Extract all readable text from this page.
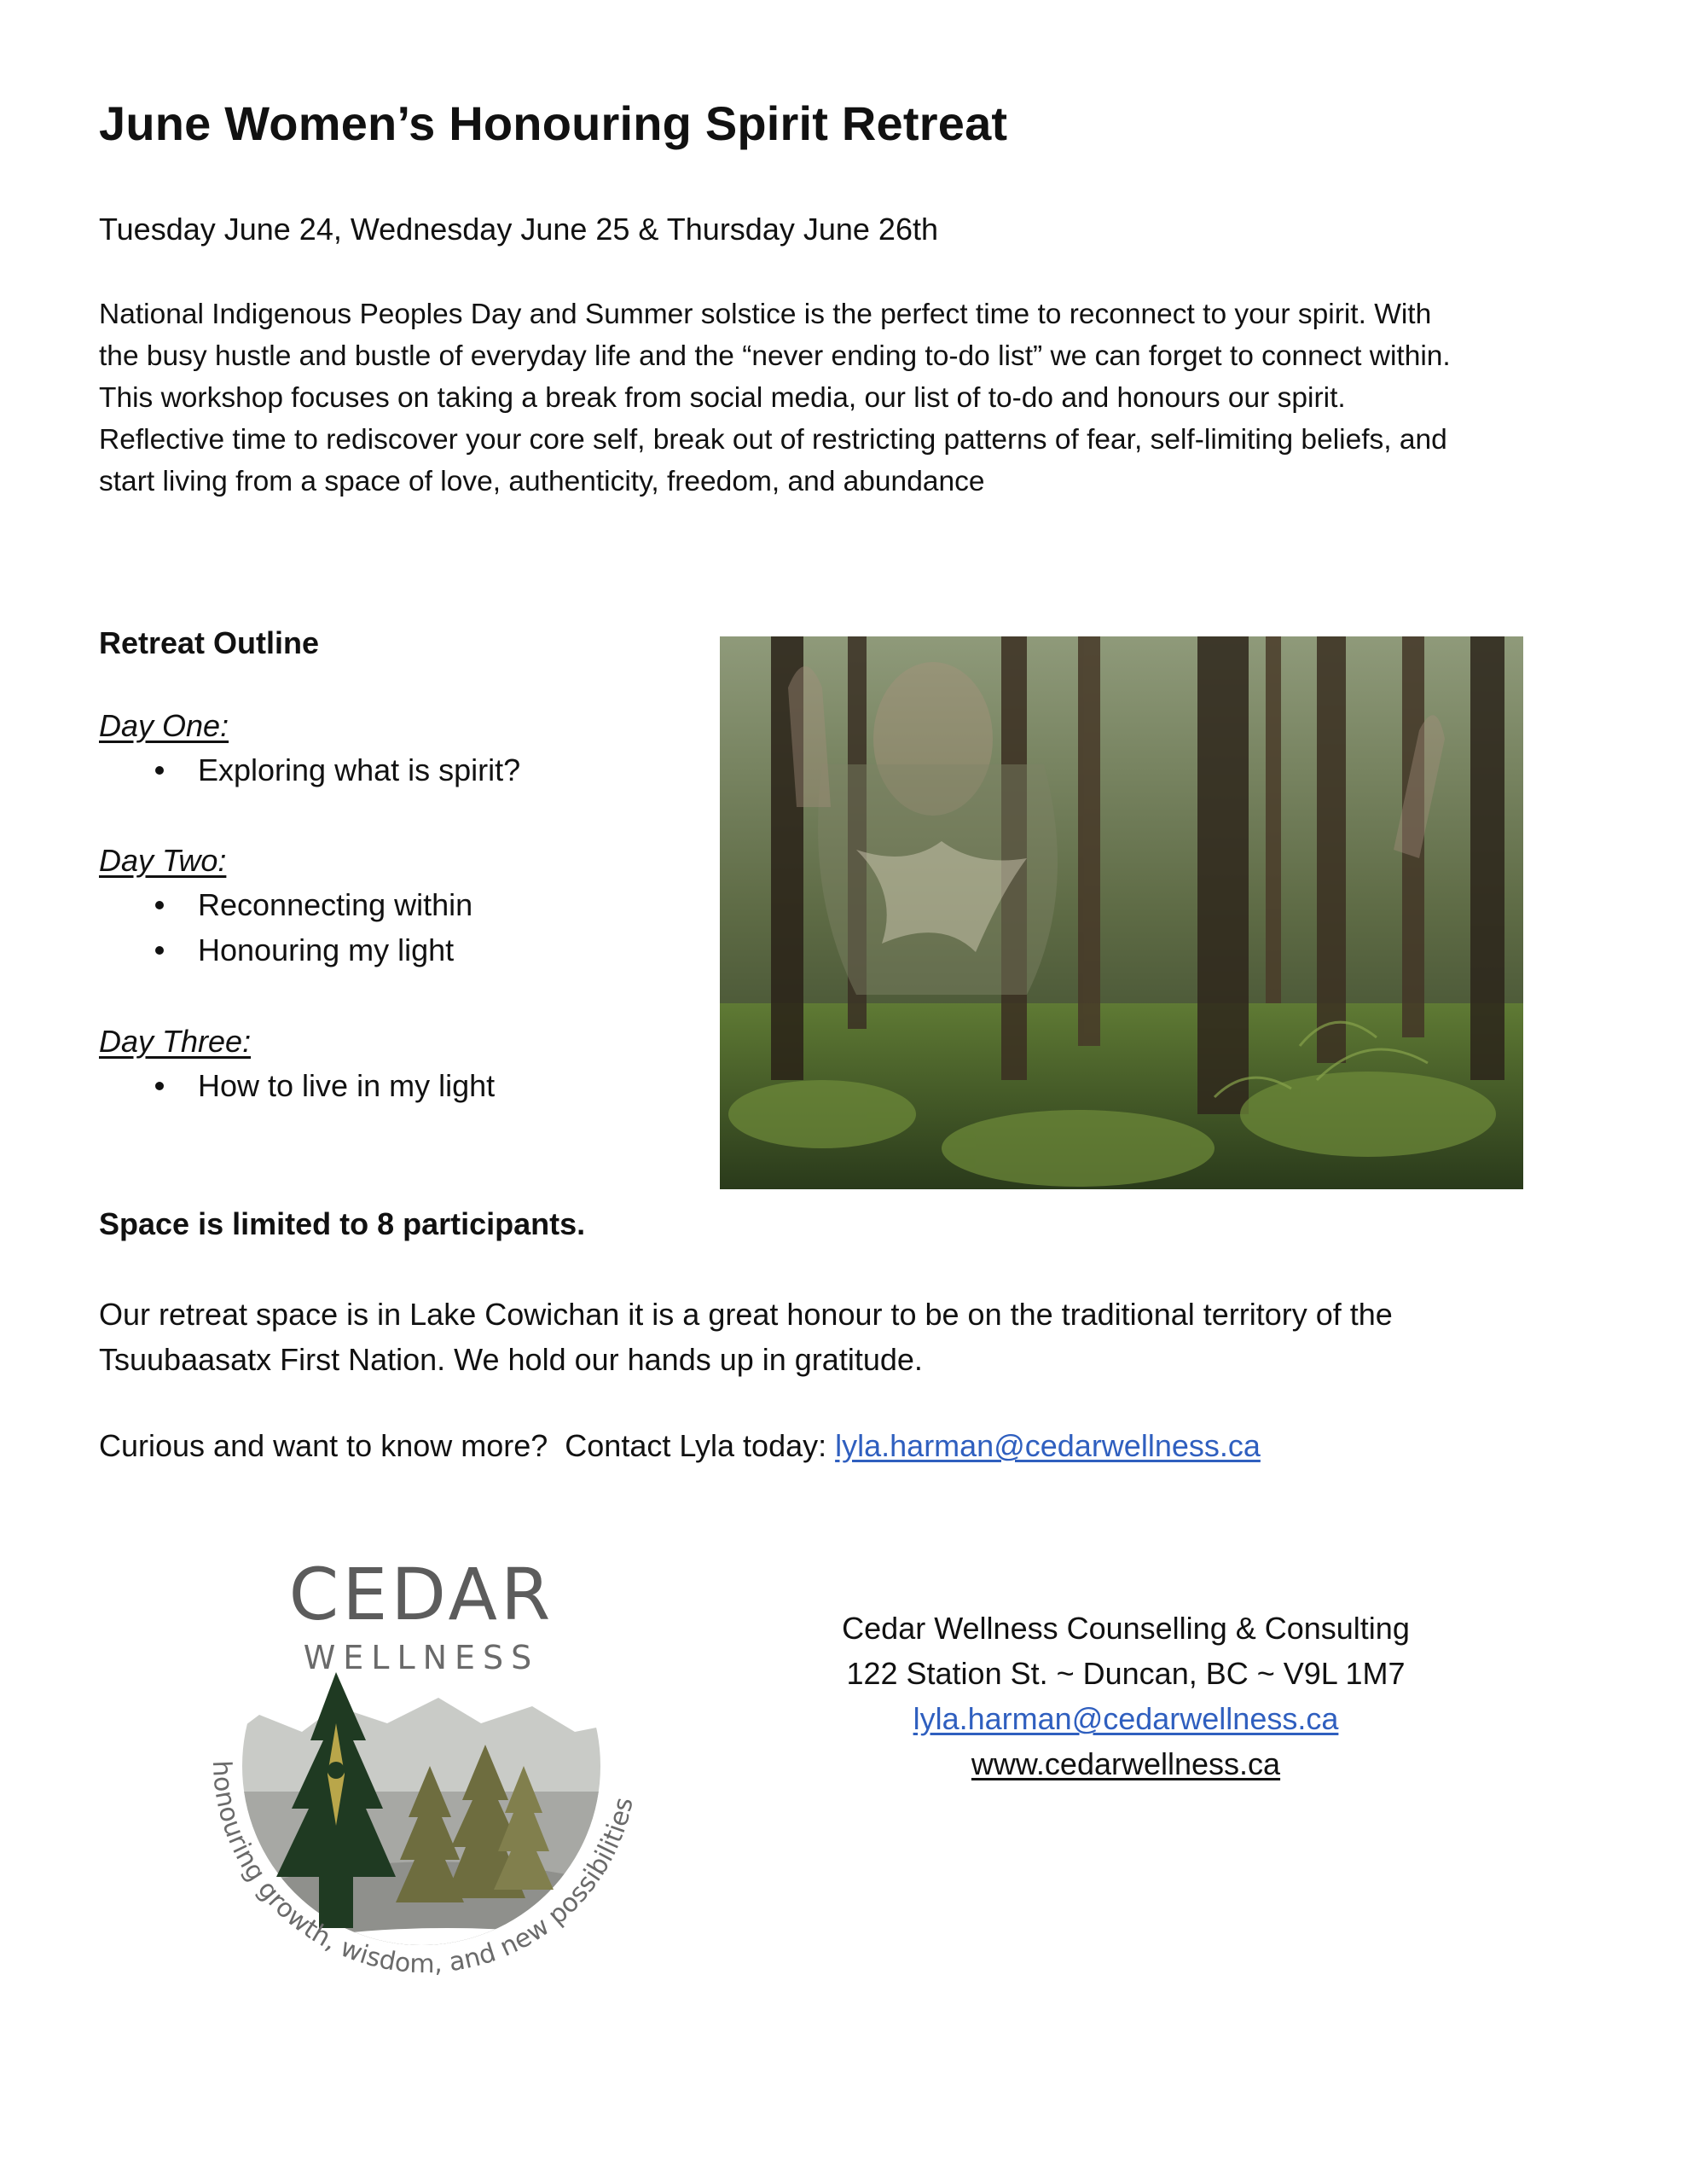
June Women’s Honouring Spirit Retreat
Tuesday June 24, Wednesday June 25 & Thursday June 26th
National Indigenous Peoples Day and Summer solstice is the perfect time to reconnect to your spirit. With
the busy hustle and bustle of everyday life and the “never ending to-do list” we can forget to connect within.
This workshop focuses on taking a break from social media, our list of to-do and honours our spirit.
Reflective time to rediscover your core self, break out of restricting patterns of fear, self-limiting beliefs, and
start living from a space of love, authenticity, freedom, and abundance
Retreat Outline
Day One:
Exploring what is spirit?
Day Two:
Reconnecting within
Honouring my light
Day Three:
How to live in my light
Space is limited to 8 participants.
Our retreat space is in Lake Cowichan it is a great honour to be on the traditional territory of the
Tsuubaasatx First Nation. We hold our hands up in gratitude.
Curious and want to know more?  Contact Lyla today: lyla.harman@cedarwellness.ca
CEDAR
WELLNESS
honouring growth, wisdom, and new possibilities
Cedar Wellness Counselling & Consulting
122 Station St. ~ Duncan, BC ~ V9L 1M7
lyla.harman@cedarwellness.ca
www.cedarwellness.ca
